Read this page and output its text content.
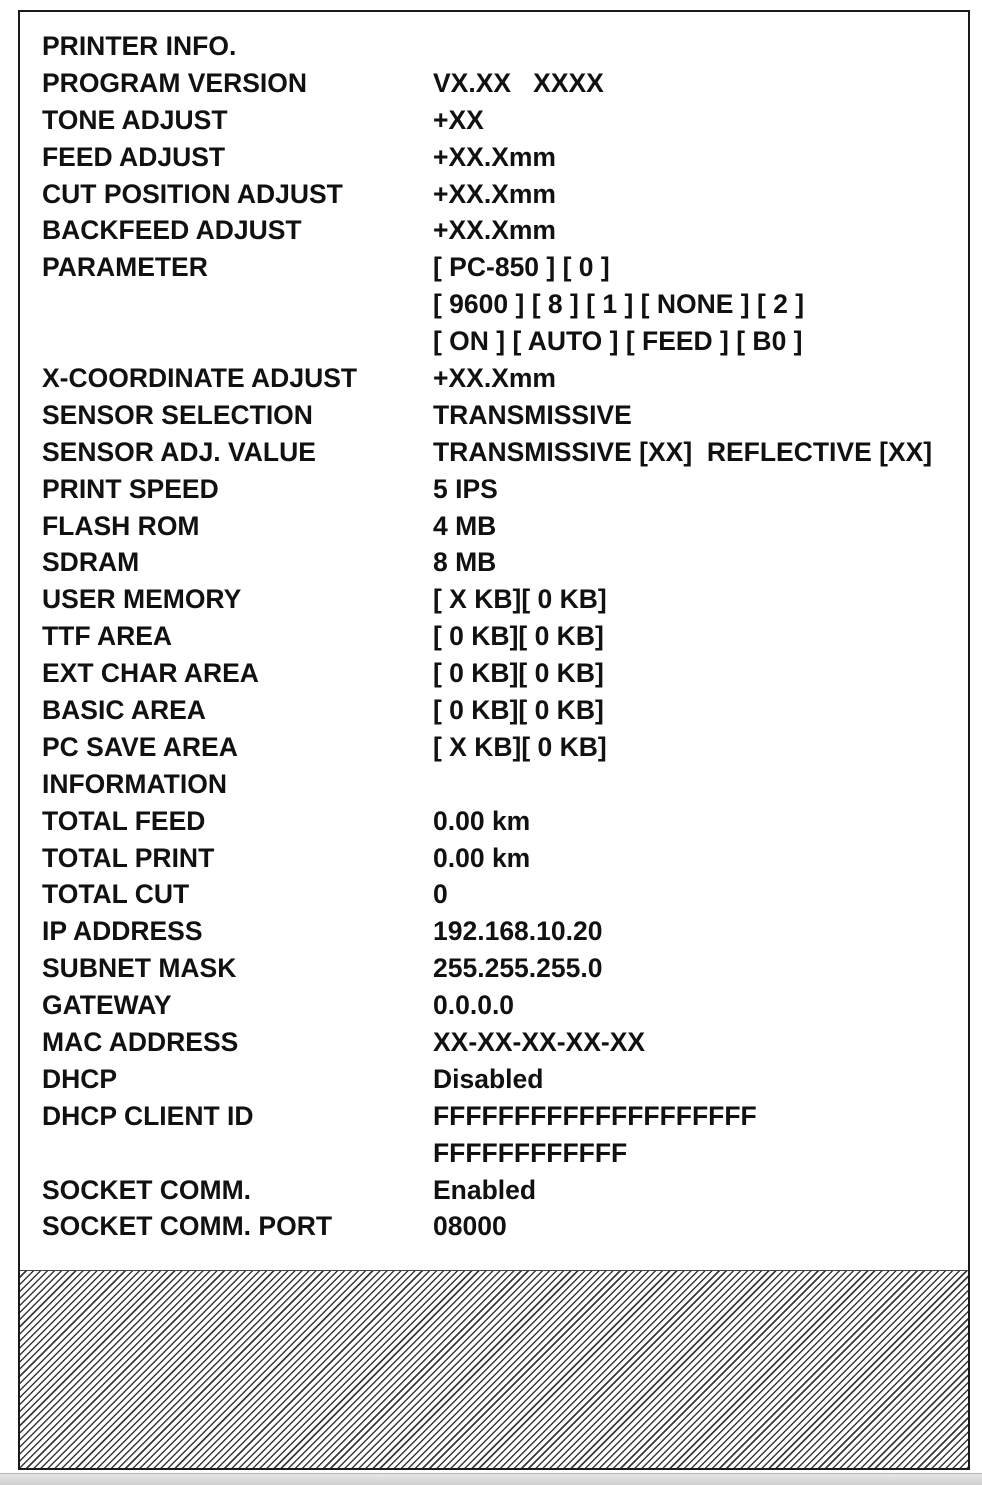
PRINTER INFO.
PROGRAM VERSION	VX.XX   XXXX
TONE ADJUST	+XX
FEED ADJUST	+XX.Xmm
CUT POSITION ADJUST	+XX.Xmm
BACKFEED ADJUST	+XX.Xmm
PARAMETER	[ PC-850 ] [ 0 ]
[ 9600 ] [ 8 ] [ 1 ] [ NONE ] [ 2 ]
[ ON ] [ AUTO ] [ FEED ] [ B0 ]
X-COORDINATE ADJUST	+XX.Xmm
SENSOR SELECTION	TRANSMISSIVE
SENSOR ADJ. VALUE	TRANSMISSIVE [XX]  REFLECTIVE [XX]
PRINT SPEED	5 IPS
FLASH ROM	4 MB
SDRAM	8 MB
USER MEMORY	[ X KB][ 0 KB]
TTF AREA	[ 0 KB][ 0 KB]
EXT CHAR AREA	[ 0 KB][ 0 KB]
BASIC AREA	[ 0 KB][ 0 KB]
PC SAVE AREA	[ X KB][ 0 KB]
INFORMATION
TOTAL FEED	0.00 km
TOTAL PRINT	0.00 km
TOTAL CUT	0
IP ADDRESS	192.168.10.20
SUBNET MASK	255.255.255.0
GATEWAY	0.0.0.0
MAC ADDRESS	XX-XX-XX-XX-XX
DHCP	Disabled
DHCP CLIENT ID	FFFFFFFFFFFFFFFFFFFF
FFFFFFFFFFFF
SOCKET COMM.	Enabled
SOCKET COMM. PORT	08000
